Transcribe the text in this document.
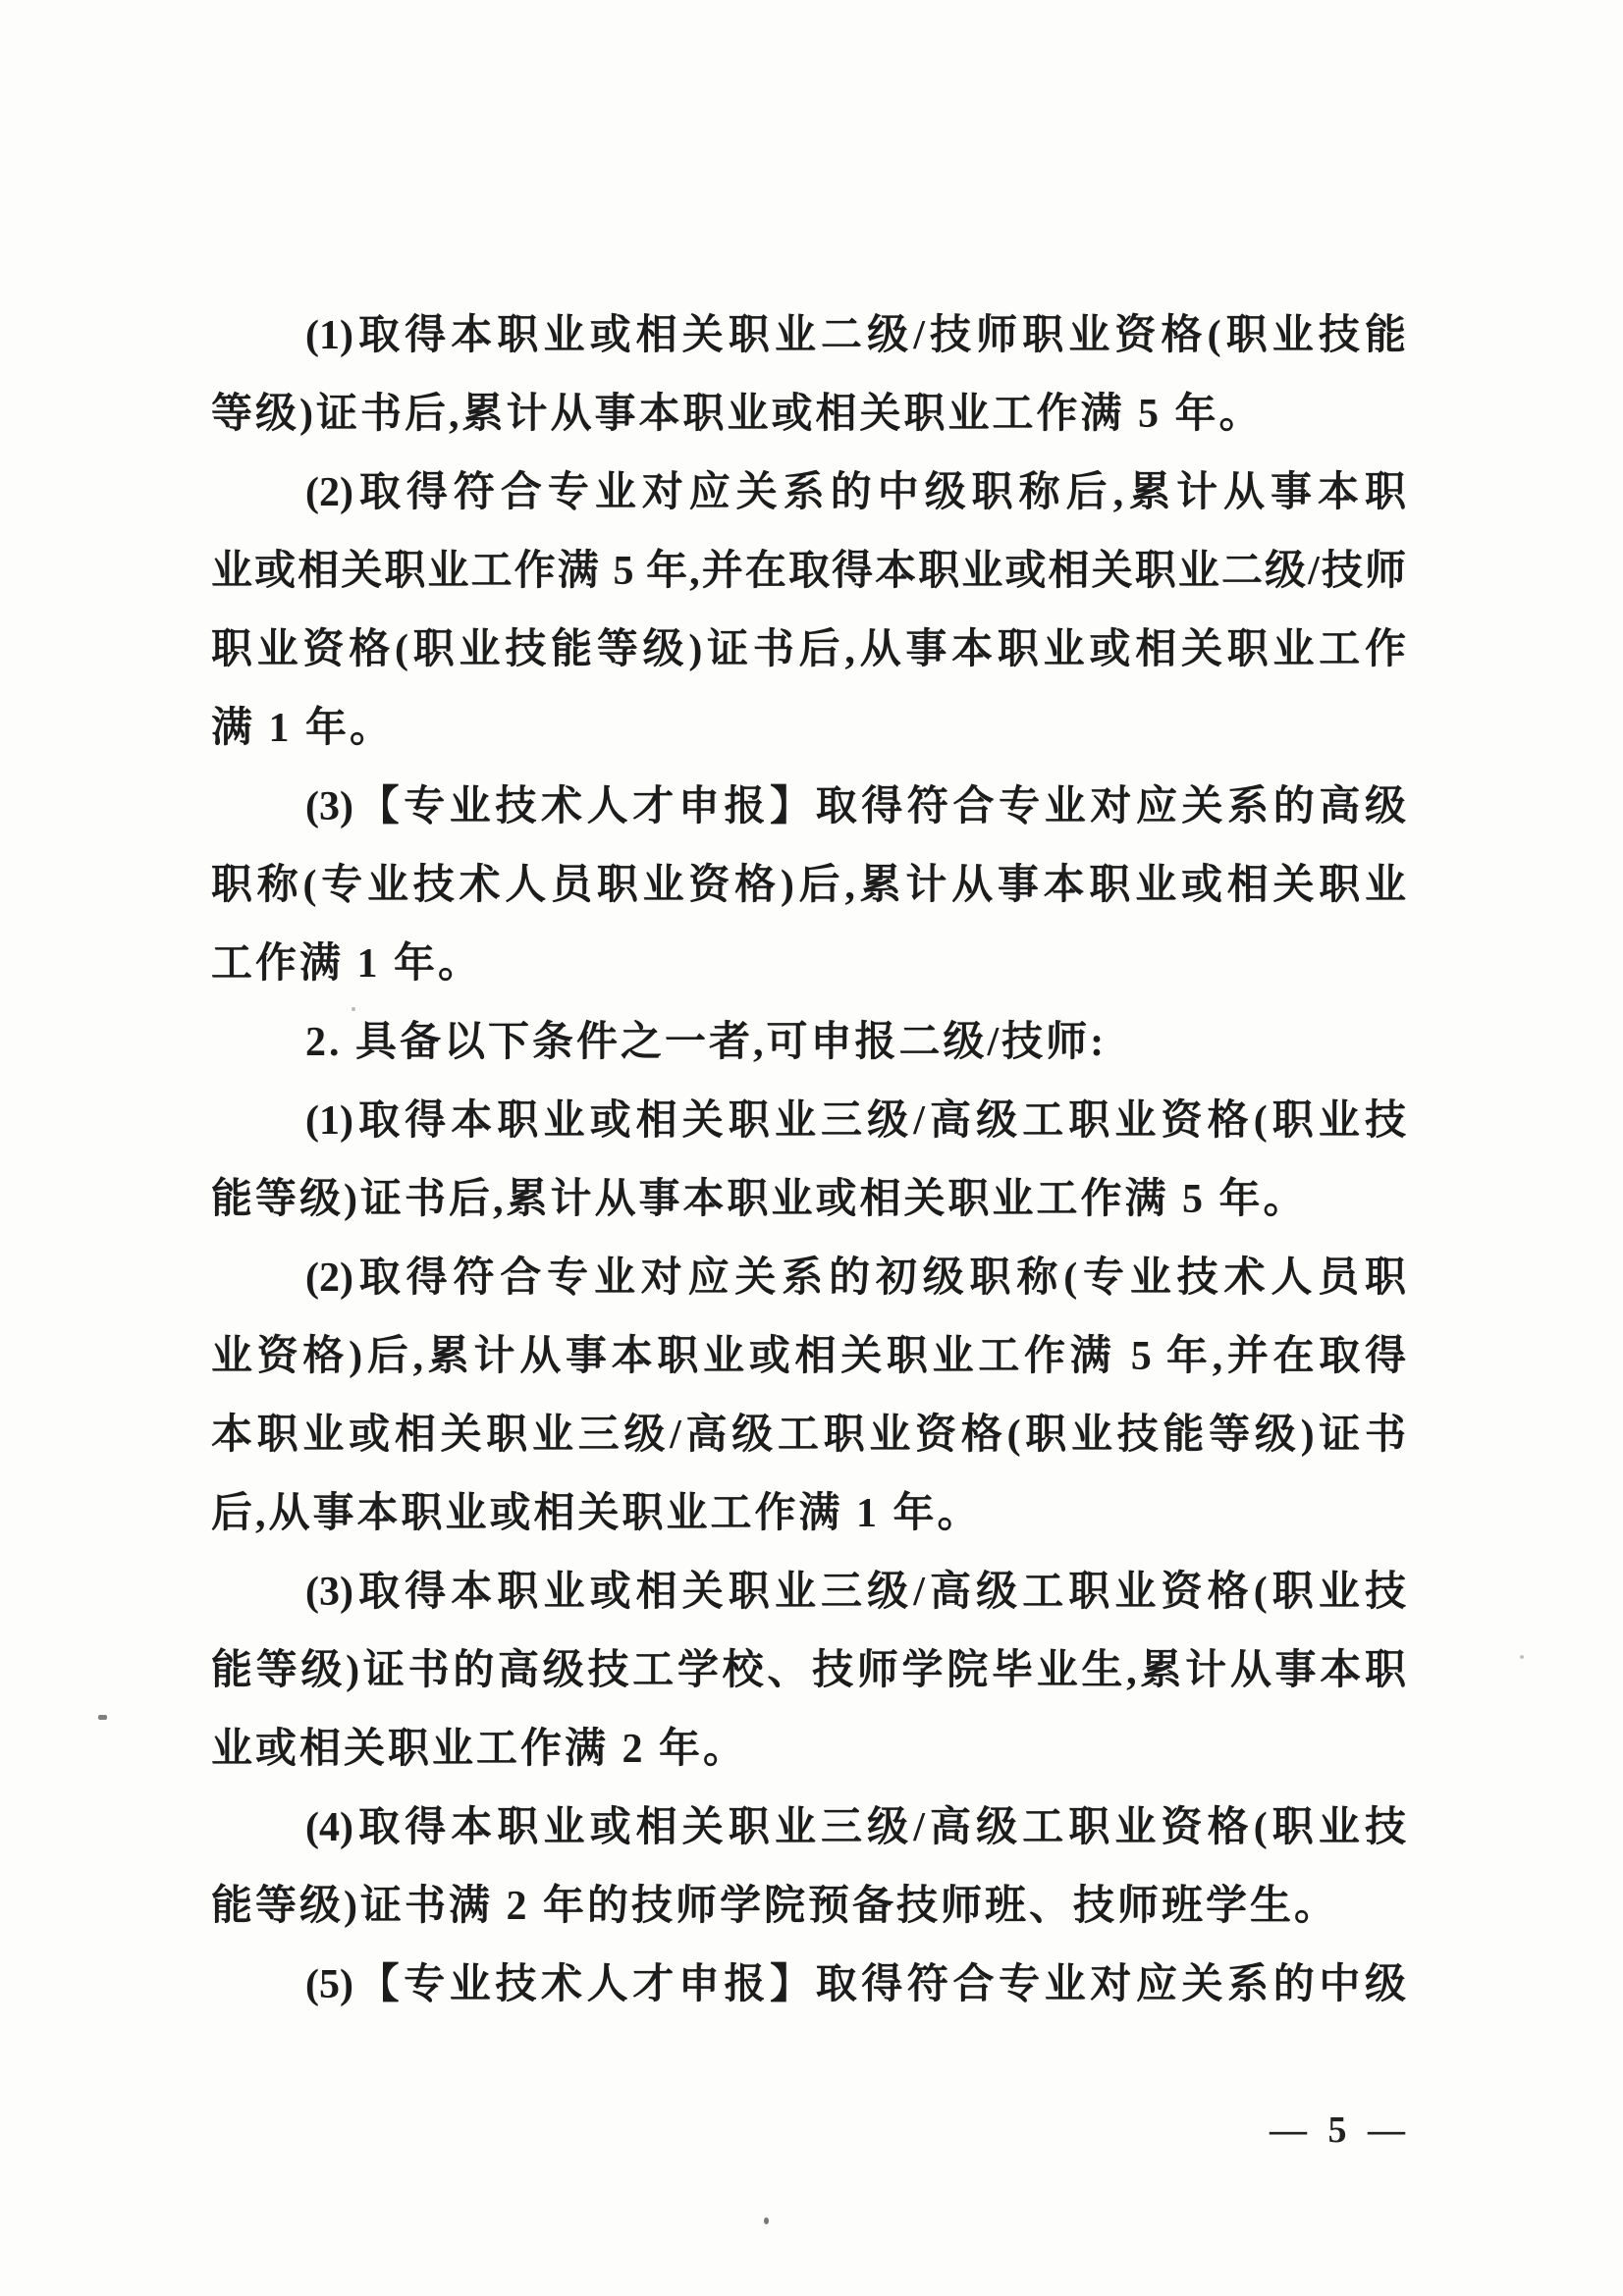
(1)取得本职业或相关职业二级/技师职业资格(职业技能
等级)证书后,累计从事本职业或相关职业工作满 5 年。
(2)取得符合专业对应关系的中级职称后,累计从事本职
业或相关职业工作满 5 年,并在取得本职业或相关职业二级/技师
职业资格(职业技能等级)证书后,从事本职业或相关职业工作
满 1 年。
(3)【专业技术人才申报】取得符合专业对应关系的高级
职称(专业技术人员职业资格)后,累计从事本职业或相关职业
工作满 1 年。
2. 具备以下条件之一者,可申报二级/技师:
(1)取得本职业或相关职业三级/高级工职业资格(职业技
能等级)证书后,累计从事本职业或相关职业工作满 5 年。
(2)取得符合专业对应关系的初级职称(专业技术人员职
业资格)后,累计从事本职业或相关职业工作满 5 年,并在取得
本职业或相关职业三级/高级工职业资格(职业技能等级)证书
后,从事本职业或相关职业工作满 1 年。
(3)取得本职业或相关职业三级/高级工职业资格(职业技
能等级)证书的高级技工学校、技师学院毕业生,累计从事本职
业或相关职业工作满 2 年。
(4)取得本职业或相关职业三级/高级工职业资格(职业技
能等级)证书满 2 年的技师学院预备技师班、技师班学生。
(5)【专业技术人才申报】取得符合专业对应关系的中级
— 5 —
